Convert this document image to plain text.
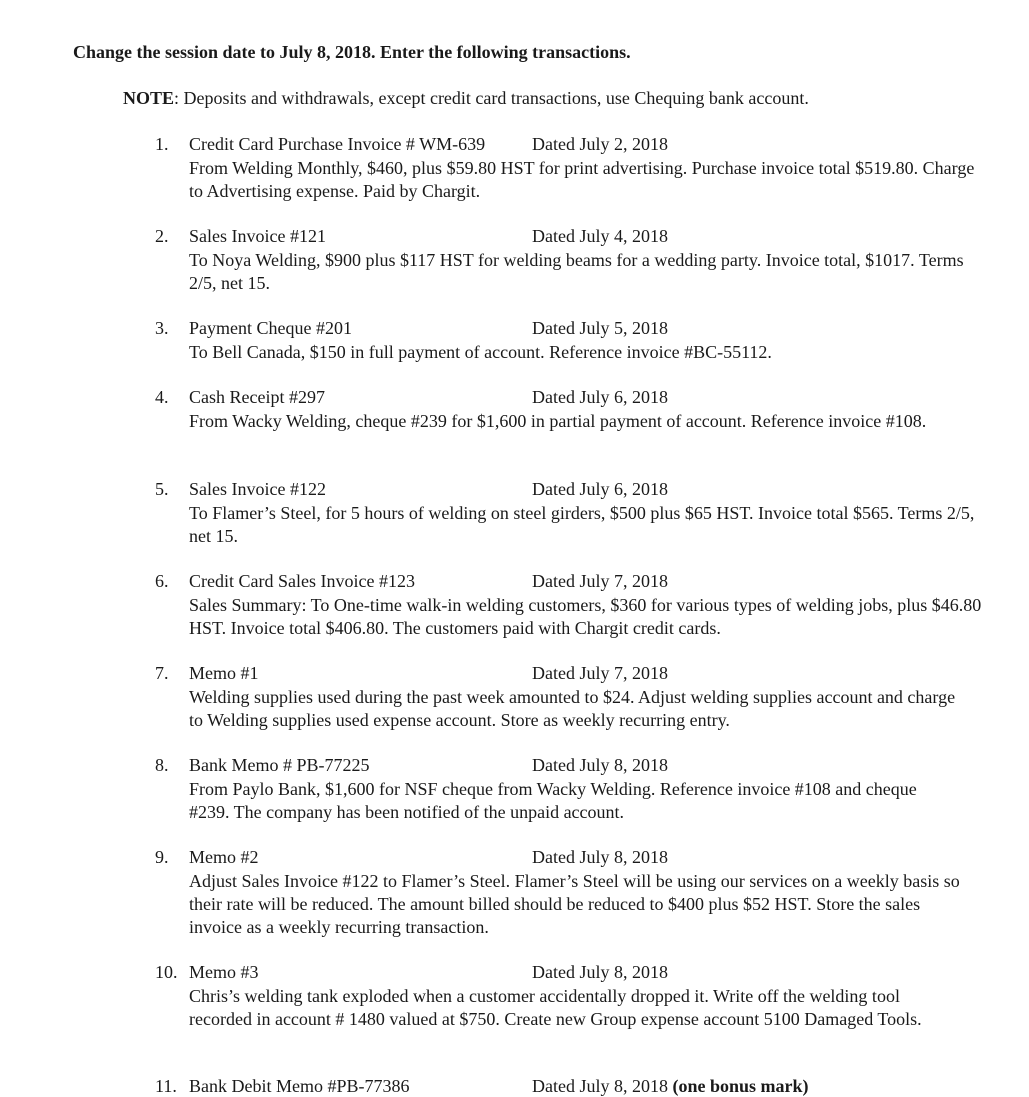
Change the session date to July 8, 2018. Enter the following transactions.
NOTE: Deposits and withdrawals, except credit card transactions, use Chequing bank account.
1. Credit Card Purchase Invoice # WM-639	Dated July 2, 2018
From Welding Monthly, $460, plus $59.80 HST for print advertising. Purchase invoice total $519.80. Charge to Advertising expense. Paid by Chargit.
2. Sales Invoice #121	Dated July 4, 2018
To Noya Welding, $900 plus $117 HST for welding beams for a wedding party. Invoice total, $1017. Terms 2/5, net 15.
3. Payment Cheque #201	Dated July 5, 2018
To Bell Canada, $150 in full payment of account. Reference invoice #BC-55112.
4. Cash Receipt #297	Dated July 6, 2018
From Wacky Welding, cheque #239 for $1,600 in partial payment of account. Reference invoice #108.
5. Sales Invoice #122	Dated July 6, 2018
To Flamer’s Steel, for 5 hours of welding on steel girders, $500 plus $65 HST. Invoice total $565. Terms 2/5, net 15.
6. Credit Card Sales Invoice #123	Dated July 7, 2018
Sales Summary: To One-time walk-in welding customers, $360 for various types of welding jobs, plus $46.80 HST. Invoice total $406.80. The customers paid with Chargit credit cards.
7. Memo #1	Dated July 7, 2018
Welding supplies used during the past week amounted to $24. Adjust welding supplies account and charge to Welding supplies used expense account. Store as weekly recurring entry.
8. Bank Memo # PB-77225	Dated July 8, 2018
From Paylo Bank, $1,600 for NSF cheque from Wacky Welding. Reference invoice #108 and cheque #239. The company has been notified of the unpaid account.
9. Memo #2	Dated July 8, 2018
Adjust Sales Invoice #122 to Flamer’s Steel. Flamer’s Steel will be using our services on a weekly basis so their rate will be reduced. The amount billed should be reduced to $400 plus $52 HST. Store the sales invoice as a weekly recurring transaction.
10. Memo #3	Dated July 8, 2018
Chris’s welding tank exploded when a customer accidentally dropped it. Write off the welding tool recorded in account # 1480 valued at $750. Create new Group expense account 5100 Damaged Tools.
11. Bank Debit Memo #PB-77386	Dated July 8, 2018 (one bonus mark)
